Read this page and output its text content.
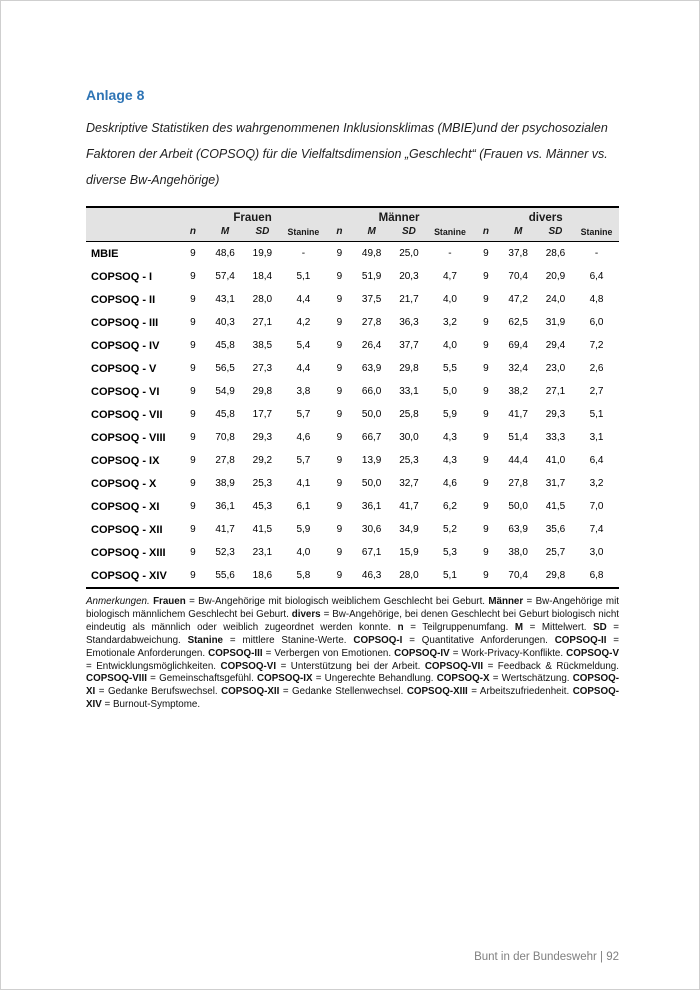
Anlage 8

Deskriptive Statistiken des wahrgenommenen Inklusionsklimas (MBIE)und der psychosozialen Faktoren der Arbeit (COPSOQ) für die Vielfaltsdimension „Geschlecht“ (Frauen vs. Männer vs. diverse Bw-Angehörige)

	Frauen				Männer				divers			
	n	M	SD	Stanine	n	M	SD	Stanine	n	M	SD	Stanine
MBIE	9	48,6	19,9	-	9	49,8	25,0	-	9	37,8	28,6	-
COPSOQ - I	9	57,4	18,4	5,1	9	51,9	20,3	4,7	9	70,4	20,9	6,4
COPSOQ - II	9	43,1	28,0	4,4	9	37,5	21,7	4,0	9	47,2	24,0	4,8
COPSOQ - III	9	40,3	27,1	4,2	9	27,8	36,3	3,2	9	62,5	31,9	6,0
COPSOQ - IV	9	45,8	38,5	5,4	9	26,4	37,7	4,0	9	69,4	29,4	7,2
COPSOQ - V	9	56,5	27,3	4,4	9	63,9	29,8	5,5	9	32,4	23,0	2,6
COPSOQ - VI	9	54,9	29,8	3,8	9	66,0	33,1	5,0	9	38,2	27,1	2,7
COPSOQ - VII	9	45,8	17,7	5,7	9	50,0	25,8	5,9	9	41,7	29,3	5,1
COPSOQ - VIII	9	70,8	29,3	4,6	9	66,7	30,0	4,3	9	51,4	33,3	3,1
COPSOQ - IX	9	27,8	29,2	5,7	9	13,9	25,3	4,3	9	44,4	41,0	6,4
COPSOQ - X	9	38,9	25,3	4,1	9	50,0	32,7	4,6	9	27,8	31,7	3,2
COPSOQ - XI	9	36,1	45,3	6,1	9	36,1	41,7	6,2	9	50,0	41,5	7,0
COPSOQ - XII	9	41,7	41,5	5,9	9	30,6	34,9	5,2	9	63,9	35,6	7,4
COPSOQ - XIII	9	52,3	23,1	4,0	9	67,1	15,9	5,3	9	38,0	25,7	3,0
COPSOQ - XIV	9	55,6	18,6	5,8	9	46,3	28,0	5,1	9	70,4	29,8	6,8

Anmerkungen. Frauen = Bw-Angehörige mit biologisch weiblichem Geschlecht bei Geburt. Männer = Bw-Angehörige mit biologisch männlichem Geschlecht bei Geburt. divers = Bw-Angehörige, bei denen Geschlecht bei Geburt biologisch nicht eindeutig als männlich oder weiblich zugeordnet werden konnte. n = Teilgruppenumfang. M = Mittelwert. SD = Standardabweichung. Stanine = mittlere Stanine-Werte. COPSOQ-I = Quantitative Anforderungen. COPSOQ-II = Emotionale Anforderungen. COPSOQ-III = Verbergen von Emotionen. COPSOQ-IV = Work-Privacy-Konflikte. COPSOQ-V = Entwicklungsmöglichkeiten. COPSOQ-VI = Unterstützung bei der Arbeit. COPSOQ-VII = Feedback & Rückmeldung. COPSOQ-VIII = Gemeinschaftsgefühl. COPSOQ-IX = Ungerechte Behandlung. COPSOQ-X = Wertschätzung. COPSOQ-XI = Gedanke Berufswechsel. COPSOQ-XII = Gedanke Stellenwechsel. COPSOQ-XIII = Arbeitszufriedenheit. COPSOQ-XIV = Burnout-Symptome.

Bunt in der Bundeswehr | 92
